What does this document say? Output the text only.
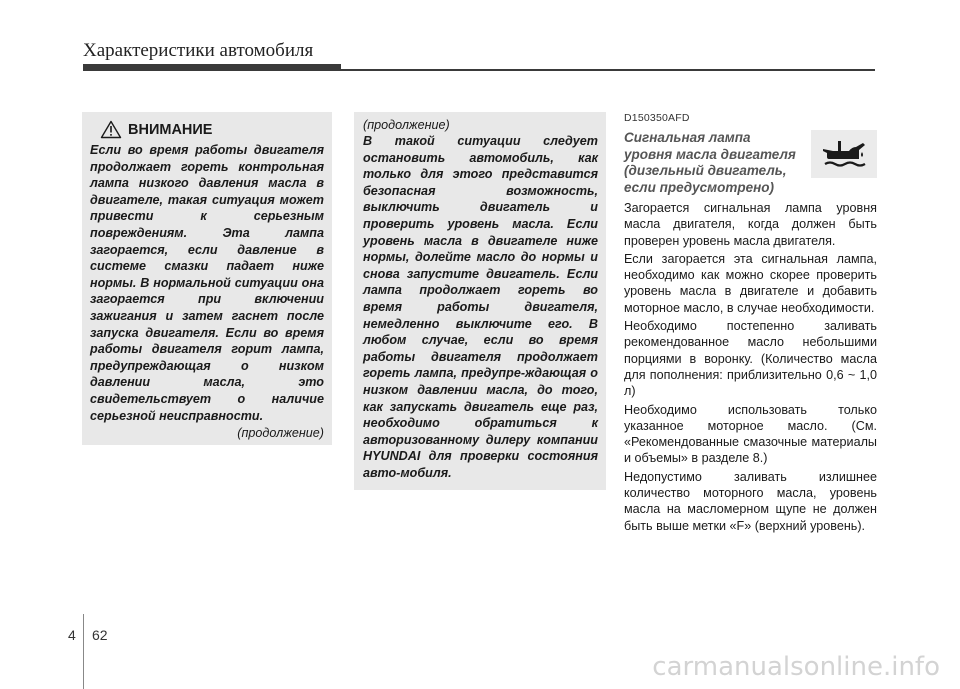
Характеристики автомобиля
ВНИМАНИЕ
Если во время работы двигателя продолжает гореть контрольная лампа низкого давления масла в двигателе, такая ситуация может привести к серьезным повреждениям. Эта лампа загорается, если давление в системе смазки падает ниже нормы. В нормальной ситуации она загорается при включении зажигания и затем гаснет после запуска двигателя. Если во время работы двигателя горит лампа, предупреждающая о низком давлении масла, это свидетельствует о наличие серьезной неисправности.
(продолжение)
(продолжение)
В такой ситуации следует остановить автомобиль, как только для этого представится безопасная возможность, выключить двигатель и проверить уровень масла. Если уровень масла в двигателе ниже нормы, долейте масло до нормы и снова запустите двигатель. Если лампа продолжает гореть во время работы двигателя, немедленно выключите его. В любом случае, если во время работы двигателя продолжает гореть лампа, предупре-ждающая о низком давлении масла, до того, как запускать двигатель еще раз, необходимо обратиться к авторизованному дилеру компании HYUNDAI для проверки состояния авто-мобиля.
D150350AFD
Сигнальная лампа
уровня масла двигателя
(дизельный двигатель,
если предусмотрено)
Загорается сигнальная лампа уровня масла двигателя, когда должен быть проверен уровень масла двигателя.
Если загорается эта сигнальная лампа, необходимо как можно скорее проверить уровень масла в двигателе и добавить моторное масло, в случае необходимости.
Необходимо постепенно заливать рекомендованное масло небольшими порциями в воронку. (Количество масла для пополнения: приблизительно 0,6 ~ 1,0 л)
Необходимо использовать только указанное моторное масло. (См. «Рекомендованные смазочные материалы и объемы» в разделе 8.)
Недопустимо заливать излишнее количество моторного масла, уровень масла на масломерном щупе не должен быть выше метки «F» (верхний уровень).
4 62
carmanualsonline.info
